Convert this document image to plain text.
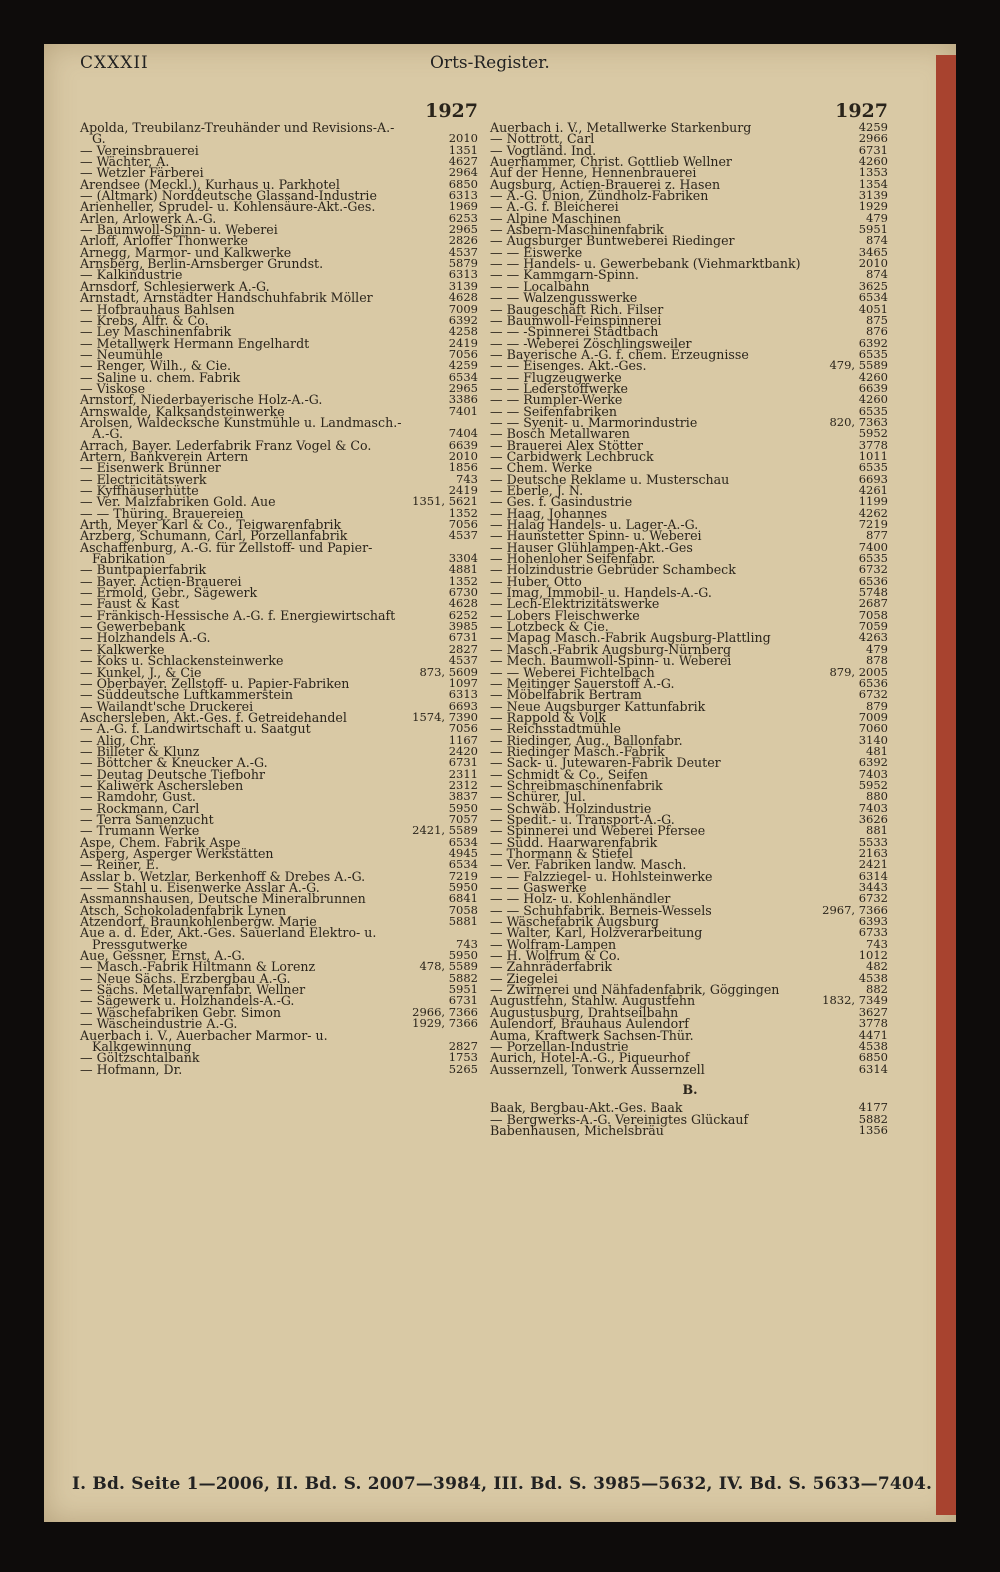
CXXXII	Orts-Register.
1927
Apolda, Treubilanz-Treuhänder und Revisions-A.-G.	2010
— Vereinsbrauerei	1351
— Wächter, A.	4627
— Wetzler Färberei	2964
Arendsee (Meckl.), Kurhaus u. Parkhotel	6850
— (Altmark) Norddeutsche Glassand-Industrie	6313
Arienheller, Sprudel- u. Kohlensäure-Akt.-Ges.	1969
Arlen, Arlowerk A.-G.	6253
— Baumwoll-Spinn- u. Weberei	2965
Arloff, Arloffer Thonwerke	2826
Arnegg, Marmor- und Kalkwerke	4537
Arnsberg, Berlin-Arnsberger Grundst.	5879
— Kalkindustrie	6313
Arnsdorf, Schlesierwerk A.-G.	3139
Arnstadt, Arnstädter Handschuhfabrik Möller	4628
— Hofbrauhaus Bahlsen	7009
— Krebs, Alfr. & Co.	6392
— Ley Maschinenfabrik	4258
— Metallwerk Hermann Engelhardt	2419
— Neumühle	7056
— Renger, Wilh., & Cie.	4259
— Saline u. chem. Fabrik	6534
— Viskose	2965
Arnstorf, Niederbayerische Holz-A.-G.	3386
Arnswalde, Kalksandsteinwerke	7401
Arolsen, Waldecksche Kunstmühle u. Landmasch.-A.-G.	7404
Arrach, Bayer. Lederfabrik Franz Vogel & Co.	6639
Artern, Bankverein Artern	2010
— Eisenwerk Brünner	1856
— Electricitätswerk	743
— Kyffhäuserhütte	2419
— Ver. Malzfabriken Gold. Aue	1351, 5621
— — Thüring. Brauereien	1352
Arth, Meyer Karl & Co., Teigwarenfabrik	7056
Arzberg, Schumann, Carl, Porzellanfabrik	4537
Aschaffenburg, A.-G. für Zellstoff- und Papier-Fabrikation	3304
— Buntpapierfabrik	4881
— Bayer. Actien-Brauerei	1352
— Ermold, Gebr., Sägewerk	6730
— Faust & Kast	4628
— Fränkisch-Hessische A.-G. f. Energiewirtschaft	6252
— Gewerbebank	3985
— Holzhandels A.-G.	6731
— Kalkwerke	2827
— Koks u. Schlackensteinwerke	4537
— Kunkel, J., & Cie	873, 5609
— Oberbayer. Zellstoff- u. Papier-Fabriken	1097
— Süddeutsche Luftkammerstein	6313
— Wailandt'sche Druckerei	6693
Aschersleben, Akt.-Ges. f. Getreidehandel	1574, 7390
— A.-G. f. Landwirtschaft u. Saatgut	7056
— Alig, Chr.	1167
— Billeter & Klunz	2420
— Böttcher & Kneucker A.-G.	6731
— Deutag Deutsche Tiefbohr	2311
— Kaliwerk Aschersleben	2312
— Ramdohr, Gust.	3837
— Rockmann, Carl	5950
— Terra Samenzucht	7057
— Trumann Werke	2421, 5589
Aspe, Chem. Fabrik Aspe	6534
Asperg, Asperger Werkstätten	4945
— Reiner, E.	6534
Asslar b. Wetzlar, Berkenhoff & Drebes A.-G.	7219
— — Stahl u. Eisenwerke Asslar A.-G.	5950
Assmannshausen, Deutsche Mineralbrunnen	6841
Atsch, Schokoladenfabrik Lynen	7058
Atzendorf, Braunkohlenbergw. Marie	5881
Aue a. d. Eder, Akt.-Ges. Sauerland Elektro- u. Pressgutwerke	743
Aue, Gessner, Ernst, A.-G.	5950
— Masch.-Fabrik Hiltmann & Lorenz	478, 5589
— Neue Sächs. Erzbergbau A.-G.	5882
— Sächs. Metallwarenfabr. Wellner	5951
— Sägewerk u. Holzhandels-A.-G.	6731
— Wäschefabriken Gebr. Simon	2966, 7366
— Wäscheindustrie A.-G.	1929, 7366
Auerbach i. V., Auerbacher Marmor- u. Kalkgewinnung	2827
— Göltzschtalbank	1753
— Hofmann, Dr.	5265
1927
Auerbach i. V., Metallwerke Starkenburg	4259
— Nottrott, Carl	2966
— Vogtländ. Ind.	6731
Auerhammer, Christ. Gottlieb Wellner	4260
Auf der Henne, Hennenbrauerei	1353
Augsburg, Actien-Brauerei z. Hasen	1354
— A.-G. Union, Zündholz-Fabriken	3139
— A.-G. f. Bleicherei	1929
— Alpine Maschinen	479
— Asbern-Maschinenfabrik	5951
— Augsburger Buntweberei Riedinger	874
— — Eiswerke	3465
— — Handels- u. Gewerbebank (Viehmarktbank)	2010
— — Kammgarn-Spinn.	874
— — Localbahn	3625
— — Walzengusswerke	6534
— Baugeschäft Rich. Filser	4051
— Baumwoll-Feinspinnerei	875
— — -Spinnerei Stadtbach	876
— — -Weberei Zöschlingsweiler	6392
— Bayerische A.-G. f. chem. Erzeugnisse	6535
— — Eisenges. Akt.-Ges.	479, 5589
— — Flugzeugwerke	4260
— — Lederstoffwerke	6639
— — Rumpler-Werke	4260
— — Seifenfabriken	6535
— — Syenit- u. Marmorindustrie	820, 7363
— Bosch Metallwaren	5952
— Brauerei Alex Stötter	3778
— Carbidwerk Lechbruck	1011
— Chem. Werke	6535
— Deutsche Reklame u. Musterschau	6693
— Eberle, J. N.	4261
— Ges. f. Gasindustrie	1199
— Haag, Johannes	4262
— Halag Handels- u. Lager-A.-G.	7219
— Haunstetter Spinn- u. Weberei	877
— Hauser Glühlampen-Akt.-Ges	7400
— Hohenloher Seifenfabr.	6535
— Holzindustrie Gebrüder Schambeck	6732
— Huber, Otto	6536
— Imag, Immobil- u. Handels-A.-G.	5748
— Lech-Elektrizitätswerke	2687
— Lobers Fleischwerke	7058
— Lotzbeck & Cie.	7059
— Mapag Masch.-Fabrik Augsburg-Plattling	4263
— Masch.-Fabrik Augsburg-Nürnberg	479
— Mech. Baumwoll-Spinn- u. Weberei	878
— — Weberei Fichtelbach	879, 2005
— Meitinger Sauerstoff A.-G.	6536
— Möbelfabrik Bertram	6732
— Neue Augsburger Kattunfabrik	879
— Rappold & Volk	7009
— Reichsstadtmühle	7060
— Riedinger, Aug., Ballonfabr.	3140
— Riedinger Masch.-Fabrik	481
— Sack- u. Jutewaren-Fabrik Deuter	6392
— Schmidt & Co., Seifen	7403
— Schreibmaschinenfabrik	5952
— Schürer, Jul.	880
— Schwäb. Holzindustrie	7403
— Spedit.- u. Transport-A.-G.	3626
— Spinnerei und Weberei Pfersee	881
— Südd. Haarwarenfabrik	5533
— Thormann & Stiefel	2163
— Ver. Fabriken landw. Masch.	2421
— — Falzziegel- u. Hohlsteinwerke	6314
— — Gaswerke	3443
— — Holz- u. Kohlenhändler	6732
— — Schuhfabrik. Berneis-Wessels	2967, 7366
— Wäschefabrik Augsburg	6393
— Walter, Karl, Holzverarbeitung	6733
— Wolfram-Lampen	743
— H. Wolfrum & Co.	1012
— Zahnräderfabrik	482
— Ziegelei	4538
— Zwirnerei und Nähfadenfabrik, Göggingen	882
Augustfehn, Stahlw. Augustfehn	1832, 7349
Augustusburg, Drahtseilbahn	3627
Aulendorf, Brauhaus Aulendorf	3778
Auma, Kraftwerk Sachsen-Thür.	4471
— Porzellan-Industrie	4538
Aurich, Hotel-A.-G., Piqueurhof	6850
Aussernzell, Tonwerk Aussernzell	6314
B.
Baak, Bergbau-Akt.-Ges. Baak	4177
— Bergwerks-A.-G. Vereinigtes Glückauf	5882
Babenhausen, Michelsbräu	1356
I. Bd. Seite 1—2006, II. Bd. S. 2007—3984, III. Bd. S. 3985—5632, IV. Bd. S. 5633—7404.
